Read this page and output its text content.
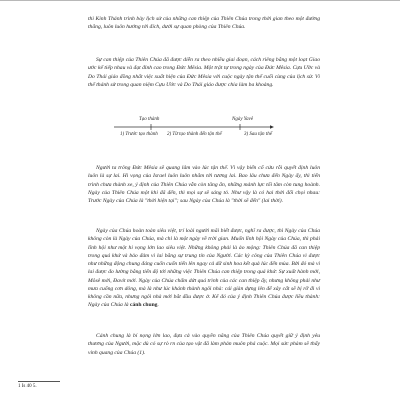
thì Kinh Thánh trình bày lịch sử của những can thiệp của Thiên Chúa trong thời gian theo một đường thẳng, luôn luôn hướng tới đích, dưới sự quan phòng của Thiên Chúa.

Sự can thiệp của Thiên Chúa đã được diễn ra theo nhiều giai đoạn, cách riêng bằng một loạt Giao ước kế tiếp nhau và đạt đỉnh cao trong Đức Mêsia. Một trật tự trong ngày của Đức Mêsia. Cựu Ước và Do Thái giáo đồng nhất việc xuất hiện của Đức Mêsia với cuộc ngày tận thế cuối cùng của lịch sử. Vì thế thánh sử trong quan niệm Cựu Ước và Do Thái giáo được chia làm ba khoảng.

Tạo thành	Ngày Yavê
1) Trước tạo thành 2) Từ tạo thành đến tận thế	3) Sau tận thế

Người ta trông Đức Mêsia sẽ quang lâm vào lúc tận thế. Vì vậy biến cố cứu rỗi quyết định luôn luôn là sự lai. Hi vọng của Israel luôn luôn nhắm tới tương lai. Bao lâu chưa đến Ngày ấy, thì tiến trình chưa thành xe, ý định của Thiên Chúa vẫn còn tăng ẩn, những mảnh lực tối tăm còn tung hoành. Ngày của Thiên Chúa một khi đã đến, thì mọi sự sẽ sáng tỏ. Như vậy là có hai thời đối chọi nhau: Trước Ngày của Chúa là "thời hiện tại"; sau Ngày của Chúa là "thời sẽ đến" (lai thời).

Ngày của Chúa hoàn toàn siêu việt, trí loài người mãi biết được, nghĩ ra được, thì Ngày của Chúa không còn là Ngày của Chúa, mà chỉ là một ngày về trời gian. Muốn lĩnh hội Ngày của Chúa, thì phải lĩnh hội như một hi vọng lớn lao siêu việt. Những không phải là ảo mộng: Thiên Chúa đã can thiệp trong quá khứ và bảo đảm vì lai bằng sự trung tín của Người. Các kỳ công của Thiên Chúa vì được như những động chung đáng cuốn cuốn tiến lên ngay cả dữ sinh hoa kết quả lúc đến mùa. Bởi đó mà vì lai được đo lường bằng tiến độ tới những việc Thiên Chúa can thiệp trong quá khứ: Sự xuất hành mới, Môsê mới, Đavít mới. Ngày của Chúa chấm dứt quá trình của các can thiệp ấy, nhưng không phải như mưa cuống cơn dông, mà là như lúc khánh thành ngôi nhà: cái giàn dựng lên để xây cất sẽ bị rỡ đi vì không cần nữa, nhưng ngôi nhà mới bắt đầu được ở. Kể đó của ý định Thiên Chúa được liều thành: Ngày của Chúa là cánh chung.

Cánh chung là bí nọng lớn lao, đựa cả vào quyền năng của Thiên Chúa quyết giữ ý định yêu thương của Người, mặc dù có sự rò rn của tạo vật đã làm phản muôn phá cuộc. Mọi sức phàm sẽ thấy vinh quang của Chúa (1).

1 Is 40 5.
